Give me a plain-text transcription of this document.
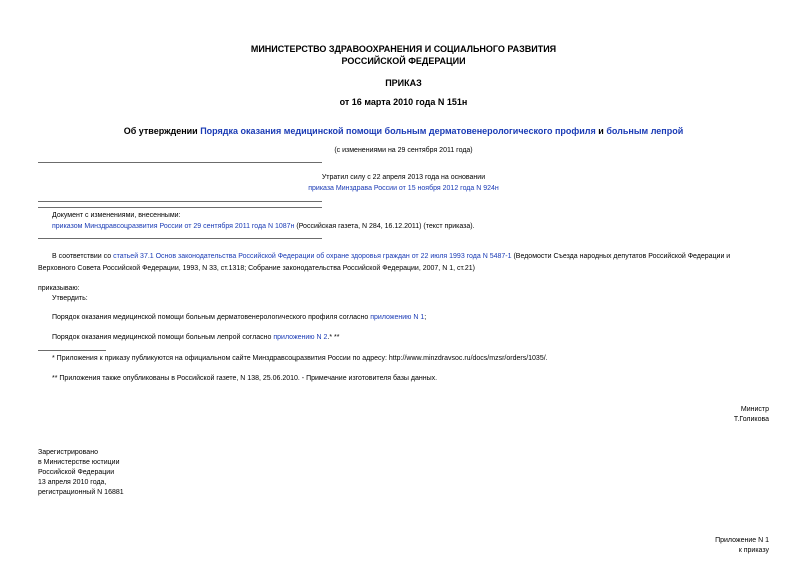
МИНИСТЕРСТВО ЗДРАВООХРАНЕНИЯ И СОЦИАЛЬНОГО РАЗВИТИЯ
РОССИЙСКОЙ ФЕДЕРАЦИИ
ПРИКАЗ
от 16 марта 2010 года N 151н
Об утверждении Порядка оказания медицинской помощи больным дерматовенерологического профиля и больным лепрой
(с изменениями на 29 сентября 2011 года)
Утратил силу с 22 апреля 2013 года на основании
приказа Минздрава России от 15 ноября 2012 года N 924н
Документ с изменениями, внесенными:
приказом Минздравсоцразвития России от 29 сентября 2011 года N 1087н (Российская газета, N 284, 16.12.2011) (текст приказа).
В соответствии со статьей 37.1 Основ законодательства Российской Федерации об охране здоровья граждан от 22 июля 1993 года N 5487-1 (Ведомости Съезда народных депутатов Российской Федерации и
Верховного Совета Российской Федерации, 1993, N 33, ст.1318; Собрание законодательства Российской Федерации, 2007, N 1, ст.21)
приказываю:
Утвердить:
Порядок оказания медицинской помощи больным дерматовенерологического профиля согласно приложению N 1;
Порядок оказания медицинской помощи больным лепрой согласно приложению N 2.* **
* Приложения к приказу публикуются на официальном сайте Минздравсоцразвития России по адресу: http://www.minzdravsoc.ru/docs/mzsr/orders/1035/.
** Приложения также опубликованы в Российской газете, N 138, 25.06.2010. - Примечание изготовителя базы данных.
Министр
Т.Голикова
Зарегистрировано
в Министерстве юстиции
Российской Федерации
13 апреля 2010 года,
регистрационный N 16881
Приложение N 1
к приказу
